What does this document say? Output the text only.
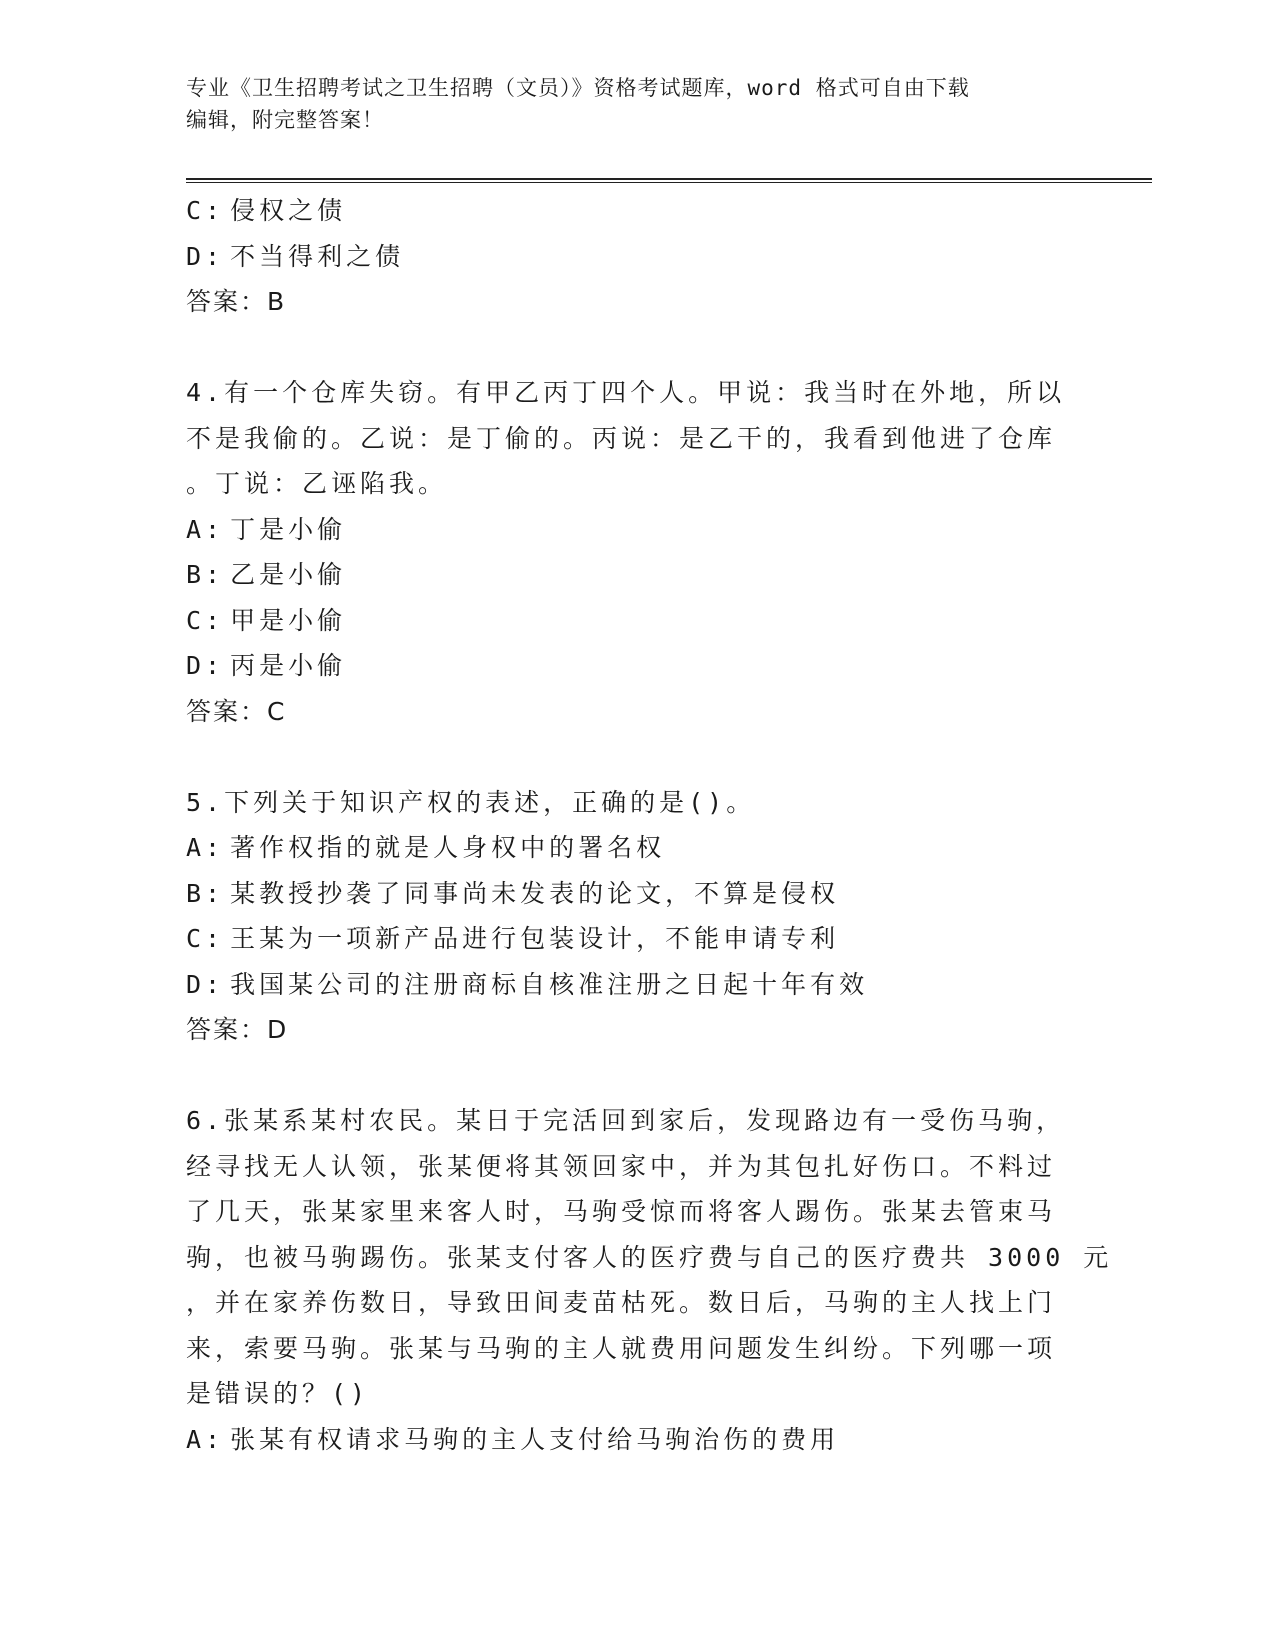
专业《卫生招聘考试之卫生招聘（文员）》资格考试题库，word 格式可自由下载
编辑，附完整答案！
C: 侵权之债
D: 不当得利之债
答案：B
4.有一个仓库失窃。有甲乙丙丁四个人。甲说：我当时在外地，所以
不是我偷的。乙说：是丁偷的。丙说：是乙干的，我看到他进了仓库
。丁说：乙诬陷我。
A: 丁是小偷
B: 乙是小偷
C: 甲是小偷
D: 丙是小偷
答案：C
5.下列关于知识产权的表述，正确的是()。
A: 著作权指的就是人身权中的署名权
B: 某教授抄袭了同事尚未发表的论文，不算是侵权
C: 王某为一项新产品进行包装设计，不能申请专利
D: 我国某公司的注册商标自核准注册之日起十年有效
答案：D
6.张某系某村农民。某日于完活回到家后，发现路边有一受伤马驹，
经寻找无人认领，张某便将其领回家中，并为其包扎好伤口。不料过
了几天，张某家里来客人时，马驹受惊而将客人踢伤。张某去管束马
驹，也被马驹踢伤。张某支付客人的医疗费与自己的医疗费共 3000 元
，并在家养伤数日，导致田间麦苗枯死。数日后，马驹的主人找上门
来，索要马驹。张某与马驹的主人就费用问题发生纠纷。下列哪一项
是错误的？()
A: 张某有权请求马驹的主人支付给马驹治伤的费用
